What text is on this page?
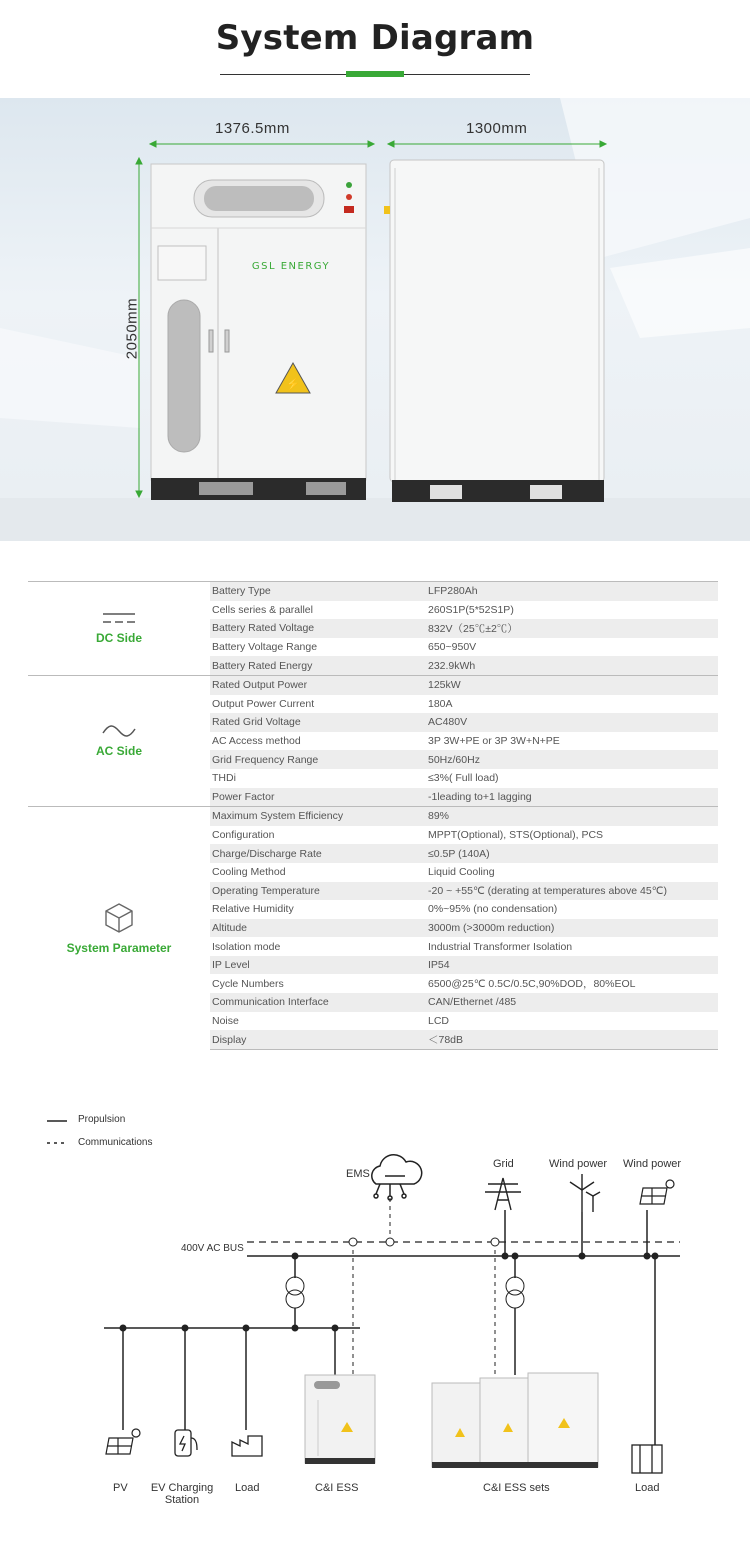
System Diagram
GSL ENERGY
⚡
1376.5mm	1300mm
2050mm
DC Side	Battery Type	LFP280Ah
	Cells series & parallel	260S1P(5*52S1P)
	Battery Rated Voltage	832V（25℃±2℃）
	Battery Voltage Range	650~950V
	Battery Rated Energy	232.9kWh

AC Side	Rated Output Power	125kW
	Output Power Current	180A
	Rated Grid Voltage	AC480V
	AC Access method	3P 3W+PE or 3P 3W+N+PE
	Grid Frequency Range	50Hz/60Hz
	THDi	≤3%( Full load)
	Power Factor	-1leading to+1 lagging

System Parameter	Maximum System Efficiency	89%
	Configuration	MPPT(Optional), STS(Optional), PCS
	Charge/Discharge Rate	≤0.5P (140A)
	Cooling Method	Liquid Cooling
	Operating Temperature	-20 ~ +55℃ (derating at temperatures above 45℃)
	Relative Humidity	0%~95% (no condensation)
	Altitude	3000m (>3000m reduction)
	Isolation mode	Industrial Transformer Isolation
	IP Level	IP54
	Cycle Numbers	6500@25℃ 0.5C/0.5C,90%DOD，80%EOL
	Communication Interface	CAN/Ethernet /485
	Noise	LCD
	Display	＜78dB
Propulsion
Communications
400V AC BUS
EMS
Grid	Wind power Wind power
PV	EV Charging Station
Load	C&I ESS	C&I ESS sets	Load
